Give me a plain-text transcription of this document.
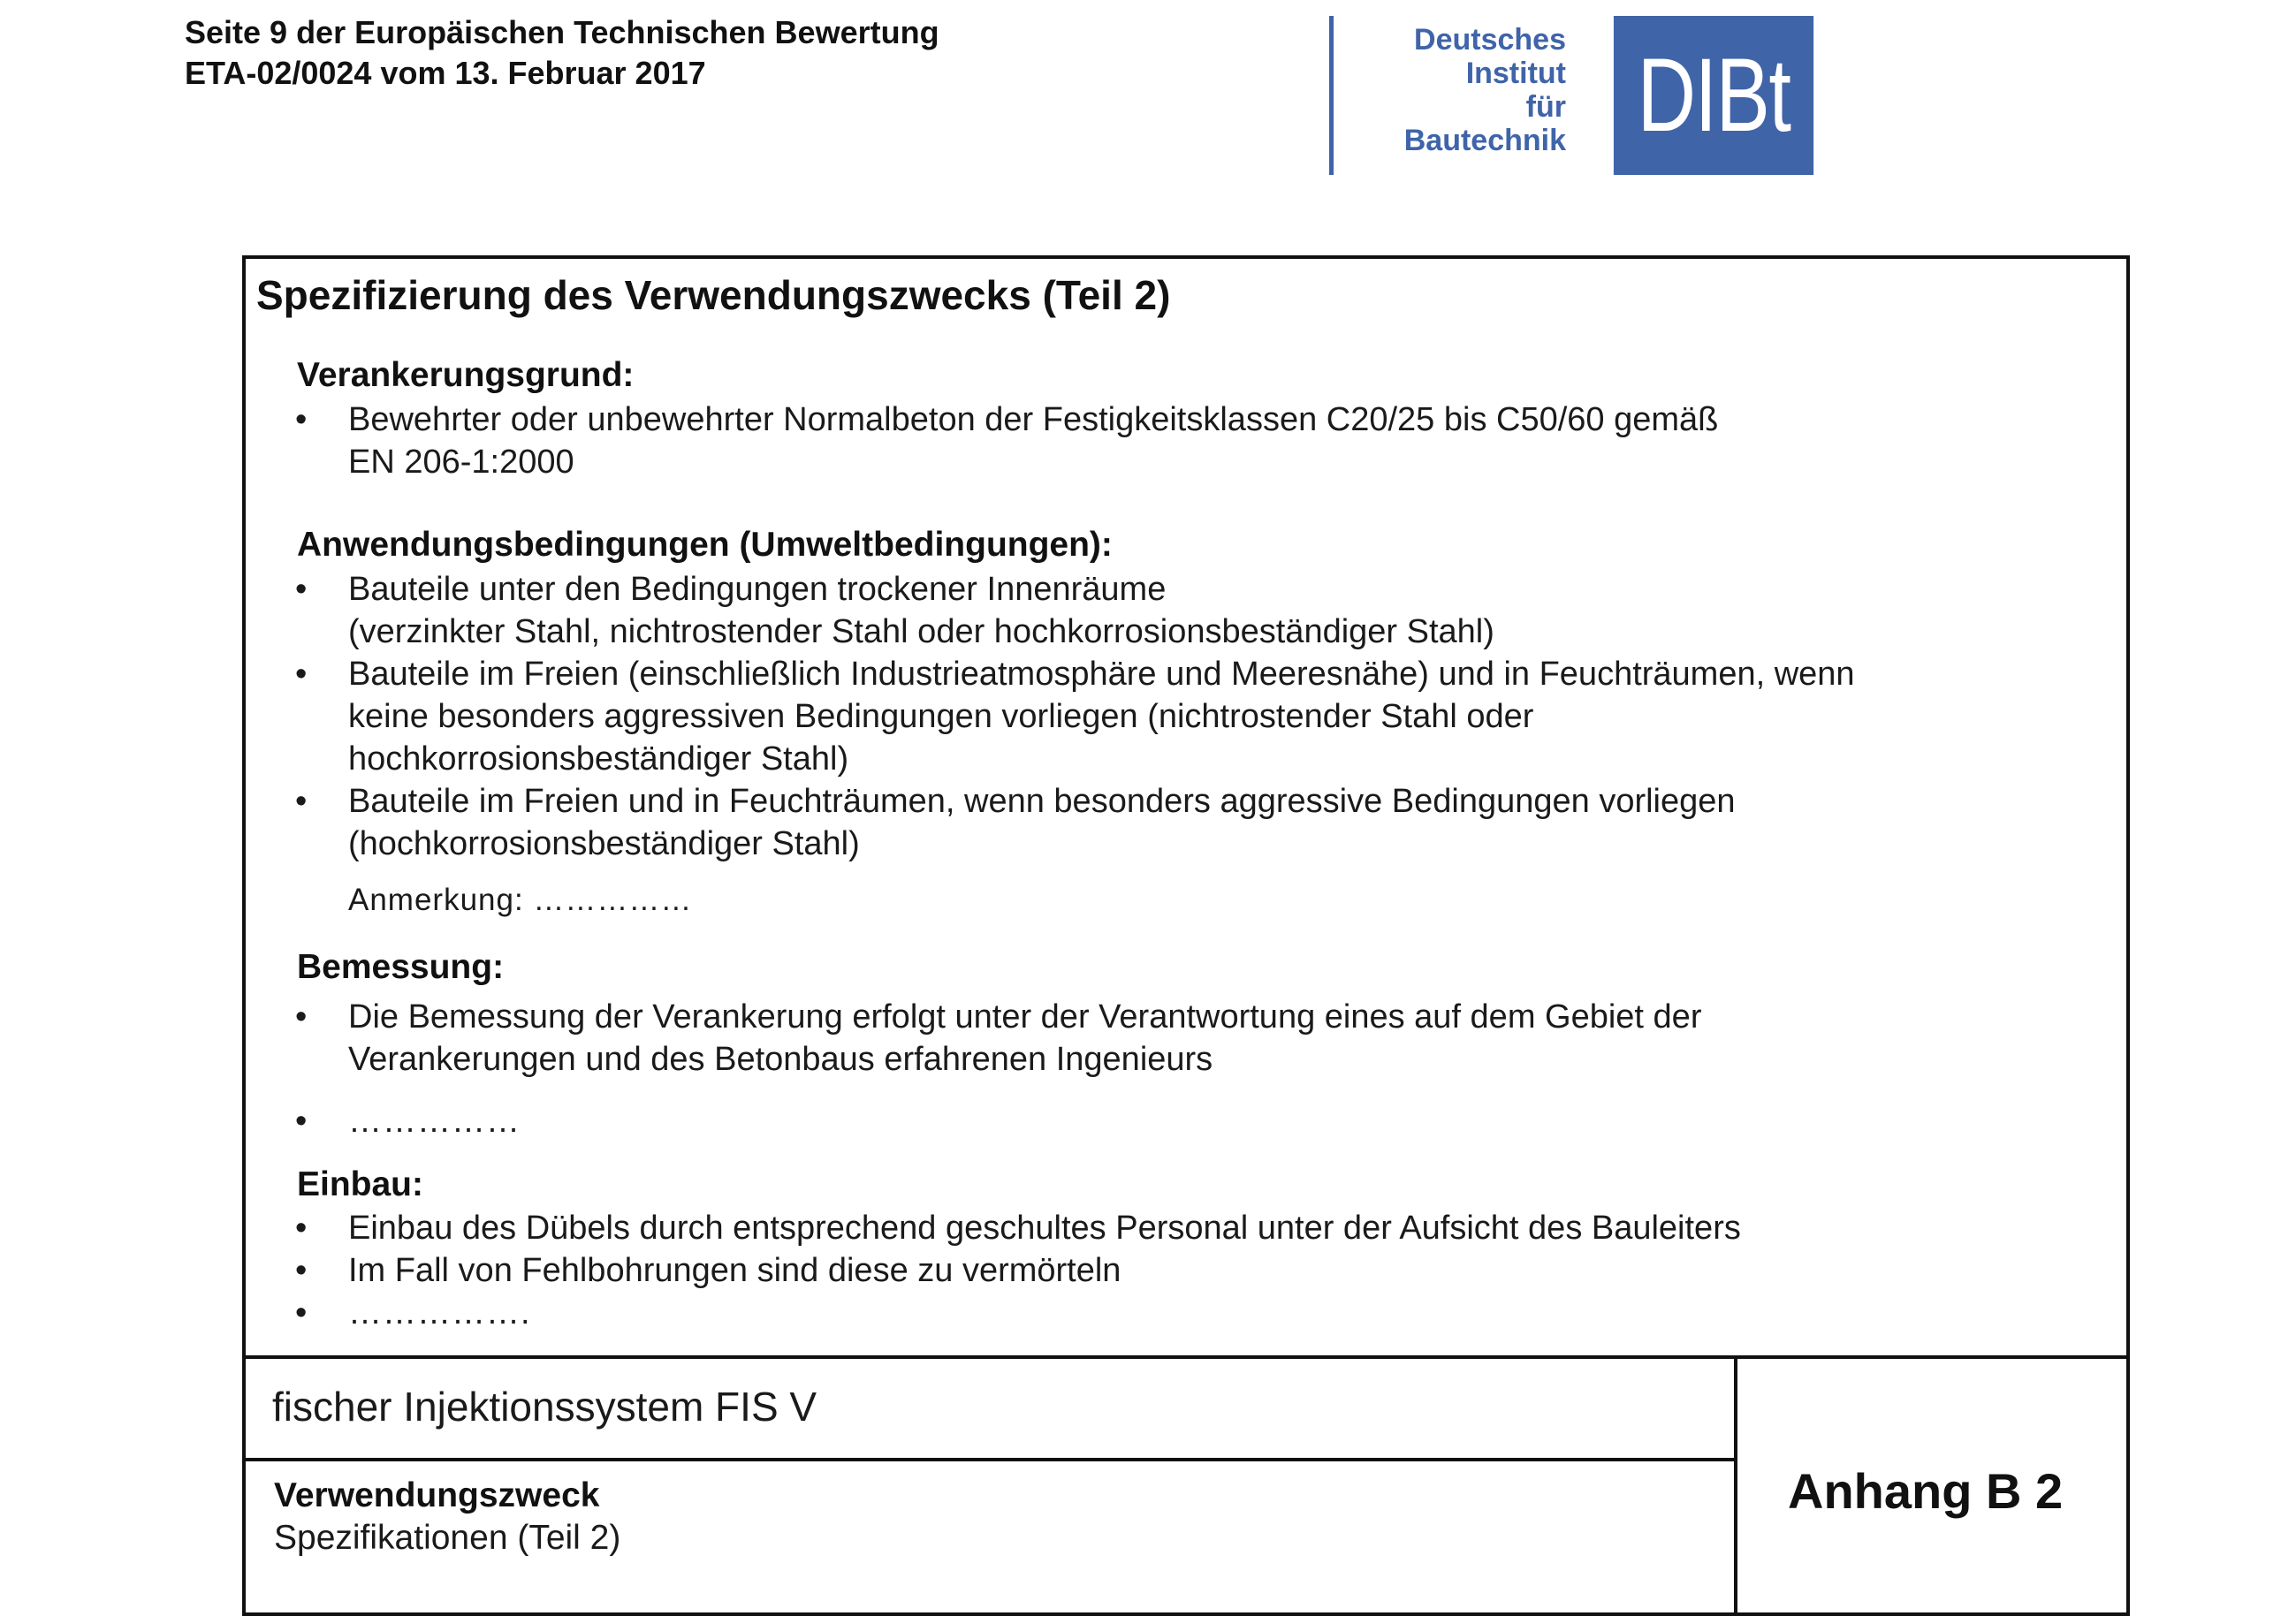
Seite 9 der Europäischen Technischen Bewertung
ETA-02/0024 vom 13. Februar 2017
Deutsches
Institut
für
Bautechnik DIBt
Spezifizierung des Verwendungszwecks (Teil 2)
Verankerungsgrund:
•	Bewehrter oder unbewehrter Normalbeton der Festigkeitsklassen C20/25 bis C50/60 gemäß
EN 206-1:2000
Anwendungsbedingungen (Umweltbedingungen):
•	Bauteile unter den Bedingungen trockener Innenräume
(verzinkter Stahl, nichtrostender Stahl oder hochkorrosionsbeständiger Stahl)
•	Bauteile im Freien (einschließlich Industrieatmosphäre und Meeresnähe) und in Feuchträumen, wenn
keine besonders aggressiven Bedingungen vorliegen (nichtrostender Stahl oder
hochkorrosionsbeständiger Stahl)
•	Bauteile im Freien und in Feuchträumen, wenn besonders aggressive Bedingungen vorliegen
(hochkorrosionsbeständiger Stahl)
Anmerkung: ……………
Bemessung:
•	Die Bemessung der Verankerung erfolgt unter der Verantwortung eines auf dem Gebiet der
Verankerungen und des Betonbaus erfahrenen Ingenieurs
•	……………
Einbau:
•	Einbau des Dübels durch entsprechend geschultes Personal unter der Aufsicht des Bauleiters
•	Im Fall von Fehlbohrungen sind diese zu vermörteln
•	…………….
fischer Injektionssystem FIS V
Verwendungszweck
Spezifikationen (Teil 2)
Anhang B 2
